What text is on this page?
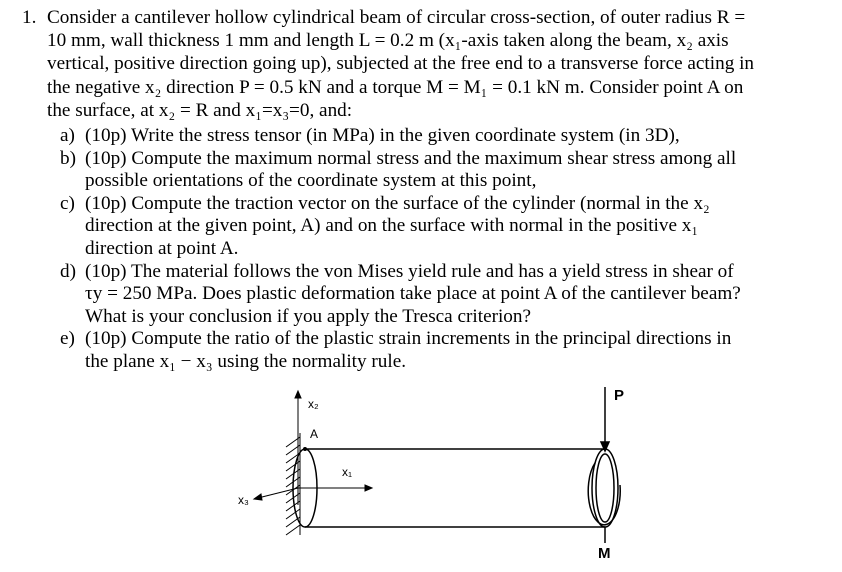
1. Consider a cantilever hollow cylindrical beam of circular cross-section, of outer radius R =
10 mm, wall thickness 1 mm and length L = 0.2 m (x₁-axis taken along the beam, x₂ axis
vertical, positive direction going up), subjected at the free end to a transverse force acting in
the negative x₂ direction P = 0.5 kN and a torque M = M₁ = 0.1 kN m. Consider point A on
the surface, at x₂ = R and x₁=x₃=0, and:
a) (10p) Write the stress tensor (in MPa) in the given coordinate system (in 3D),
b) (10p) Compute the maximum normal stress and the maximum shear stress among all
possible orientations of the coordinate system at this point,
c) (10p) Compute the traction vector on the surface of the cylinder (normal in the x₂
direction at the given point, A) and on the surface with normal in the positive x₁
direction at point A.
d) (10p) The material follows the von Mises yield rule and has a yield stress in shear of
τy = 250 MPa. Does plastic deformation take place at point A of the cantilever beam?
What is your conclusion if you apply the Tresca criterion?
e) (10p) Compute the ratio of the plastic strain increments in the principal directions in
the plane x₁ − x₃ using the normality rule.
x₂
A
x₁
x₃
P
M
